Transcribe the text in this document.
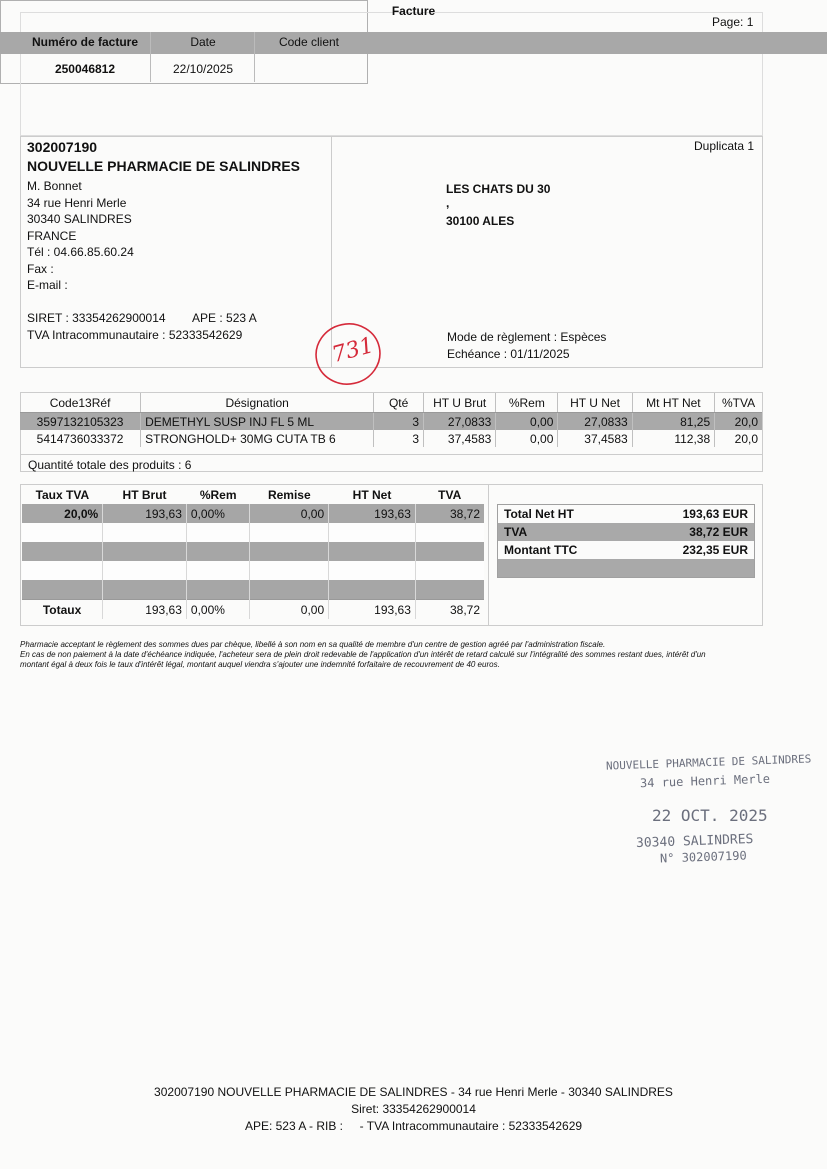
Page: 1
Facture
Numéro de facture	Date	Code client
250046812	22/10/2025
Duplicata 1
302007190
NOUVELLE PHARMACIE DE SALINDRES
M. Bonnet
34 rue Henri Merle
30340 SALINDRES
FRANCE
Tél : 04.66.85.60.24
Fax :
E-mail :
SIRET : 33354262900014 APE : 523 A
TVA Intracommunautaire : 52333542629
LES CHATS DU 30
,
30100 ALES
731	Mode de règlement : Espèces
Echéance : 01/11/2025
Code13Réf	Désignation	Qté	HT U Brut	%Rem	HT U Net	Mt HT Net	%TVA
3597132105323	DEMETHYL SUSP INJ FL 5 ML	3	27,0833	0,00	27,0833	81,25	20,0
5414736033372	STRONGHOLD+ 30MG CUTA TB 6	3	37,4583	0,00	37,4583	112,38	20,0
Quantité totale des produits : 6
Taux TVA	HT Brut	%Rem	Remise	HT Net	TVA
20,0%	193,63	0,00%	0,00	193,63	38,72

Totaux	193,63	0,00%	0,00	193,63	38,72
Total Net HT	193,63 EUR
TVA	38,72 EUR
Montant TTC	232,35 EUR

Pharmacie acceptant le règlement des sommes dues par chèque, libellé à son nom en sa qualité de membre d'un centre de gestion agréé par l'administration fiscale.
En cas de non paiement à la date d'échéance indiquée, l'acheteur sera de plein droit redevable de l'application d'un intérêt de retard calculé sur l'intégralité des sommes restant dues, intérêt d'un
montant égal à deux fois le taux d'intérêt légal, montant auquel viendra s'ajouter une indemnité forfaitaire de recouvrement de 40 euros.
NOUVELLE PHARMACIE DE SALINDRES
34 rue Henri Merle
22 OCT. 2025
30340 SALINDRES
N° 302007190
302007190 NOUVELLE PHARMACIE DE SALINDRES - 34 rue Henri Merle - 30340 SALINDRES
Siret: 33354262900014
APE: 523 A - RIB :     - TVA Intracommunautaire : 52333542629
